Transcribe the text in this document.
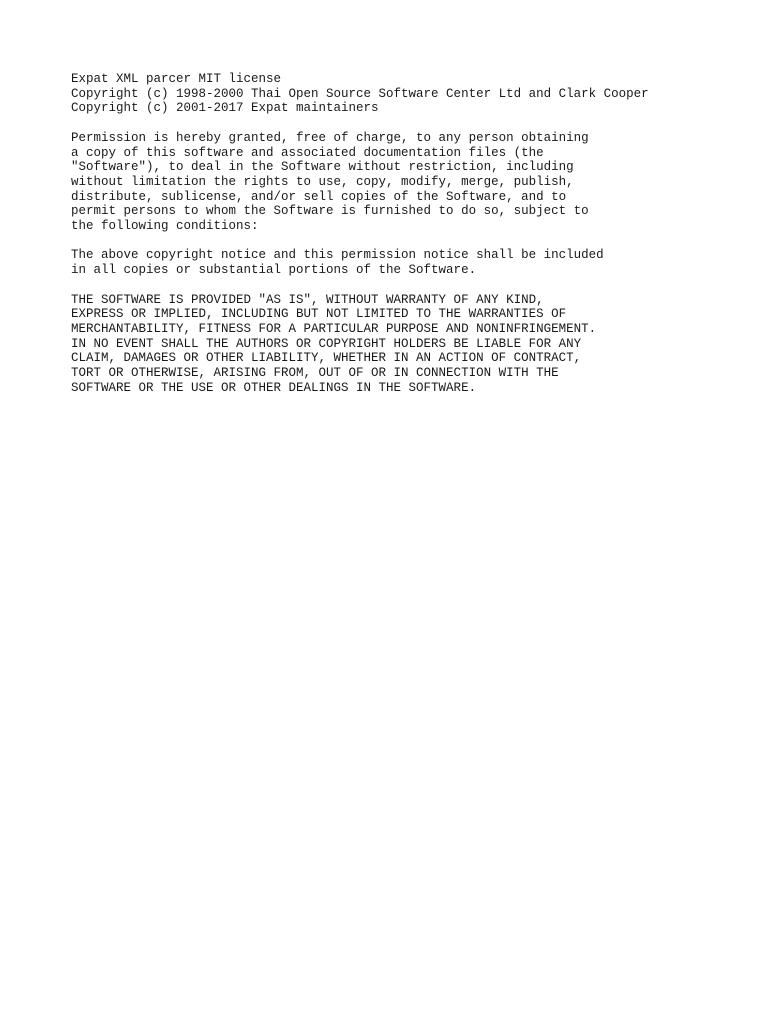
Expat XML parcer MIT license
Copyright (c) 1998-2000 Thai Open Source Software Center Ltd and Clark Cooper
Copyright (c) 2001-2017 Expat maintainers
Permission is hereby granted, free of charge, to any person obtaining
a copy of this software and associated documentation files (the
"Software"), to deal in the Software without restriction, including
without limitation the rights to use, copy, modify, merge, publish,
distribute, sublicense, and/or sell copies of the Software, and to
permit persons to whom the Software is furnished to do so, subject to
the following conditions:
The above copyright notice and this permission notice shall be included
in all copies or substantial portions of the Software.
THE SOFTWARE IS PROVIDED "AS IS", WITHOUT WARRANTY OF ANY KIND,
EXPRESS OR IMPLIED, INCLUDING BUT NOT LIMITED TO THE WARRANTIES OF
MERCHANTABILITY, FITNESS FOR A PARTICULAR PURPOSE AND NONINFRINGEMENT.
IN NO EVENT SHALL THE AUTHORS OR COPYRIGHT HOLDERS BE LIABLE FOR ANY
CLAIM, DAMAGES OR OTHER LIABILITY, WHETHER IN AN ACTION OF CONTRACT,
TORT OR OTHERWISE, ARISING FROM, OUT OF OR IN CONNECTION WITH THE
SOFTWARE OR THE USE OR OTHER DEALINGS IN THE SOFTWARE.
